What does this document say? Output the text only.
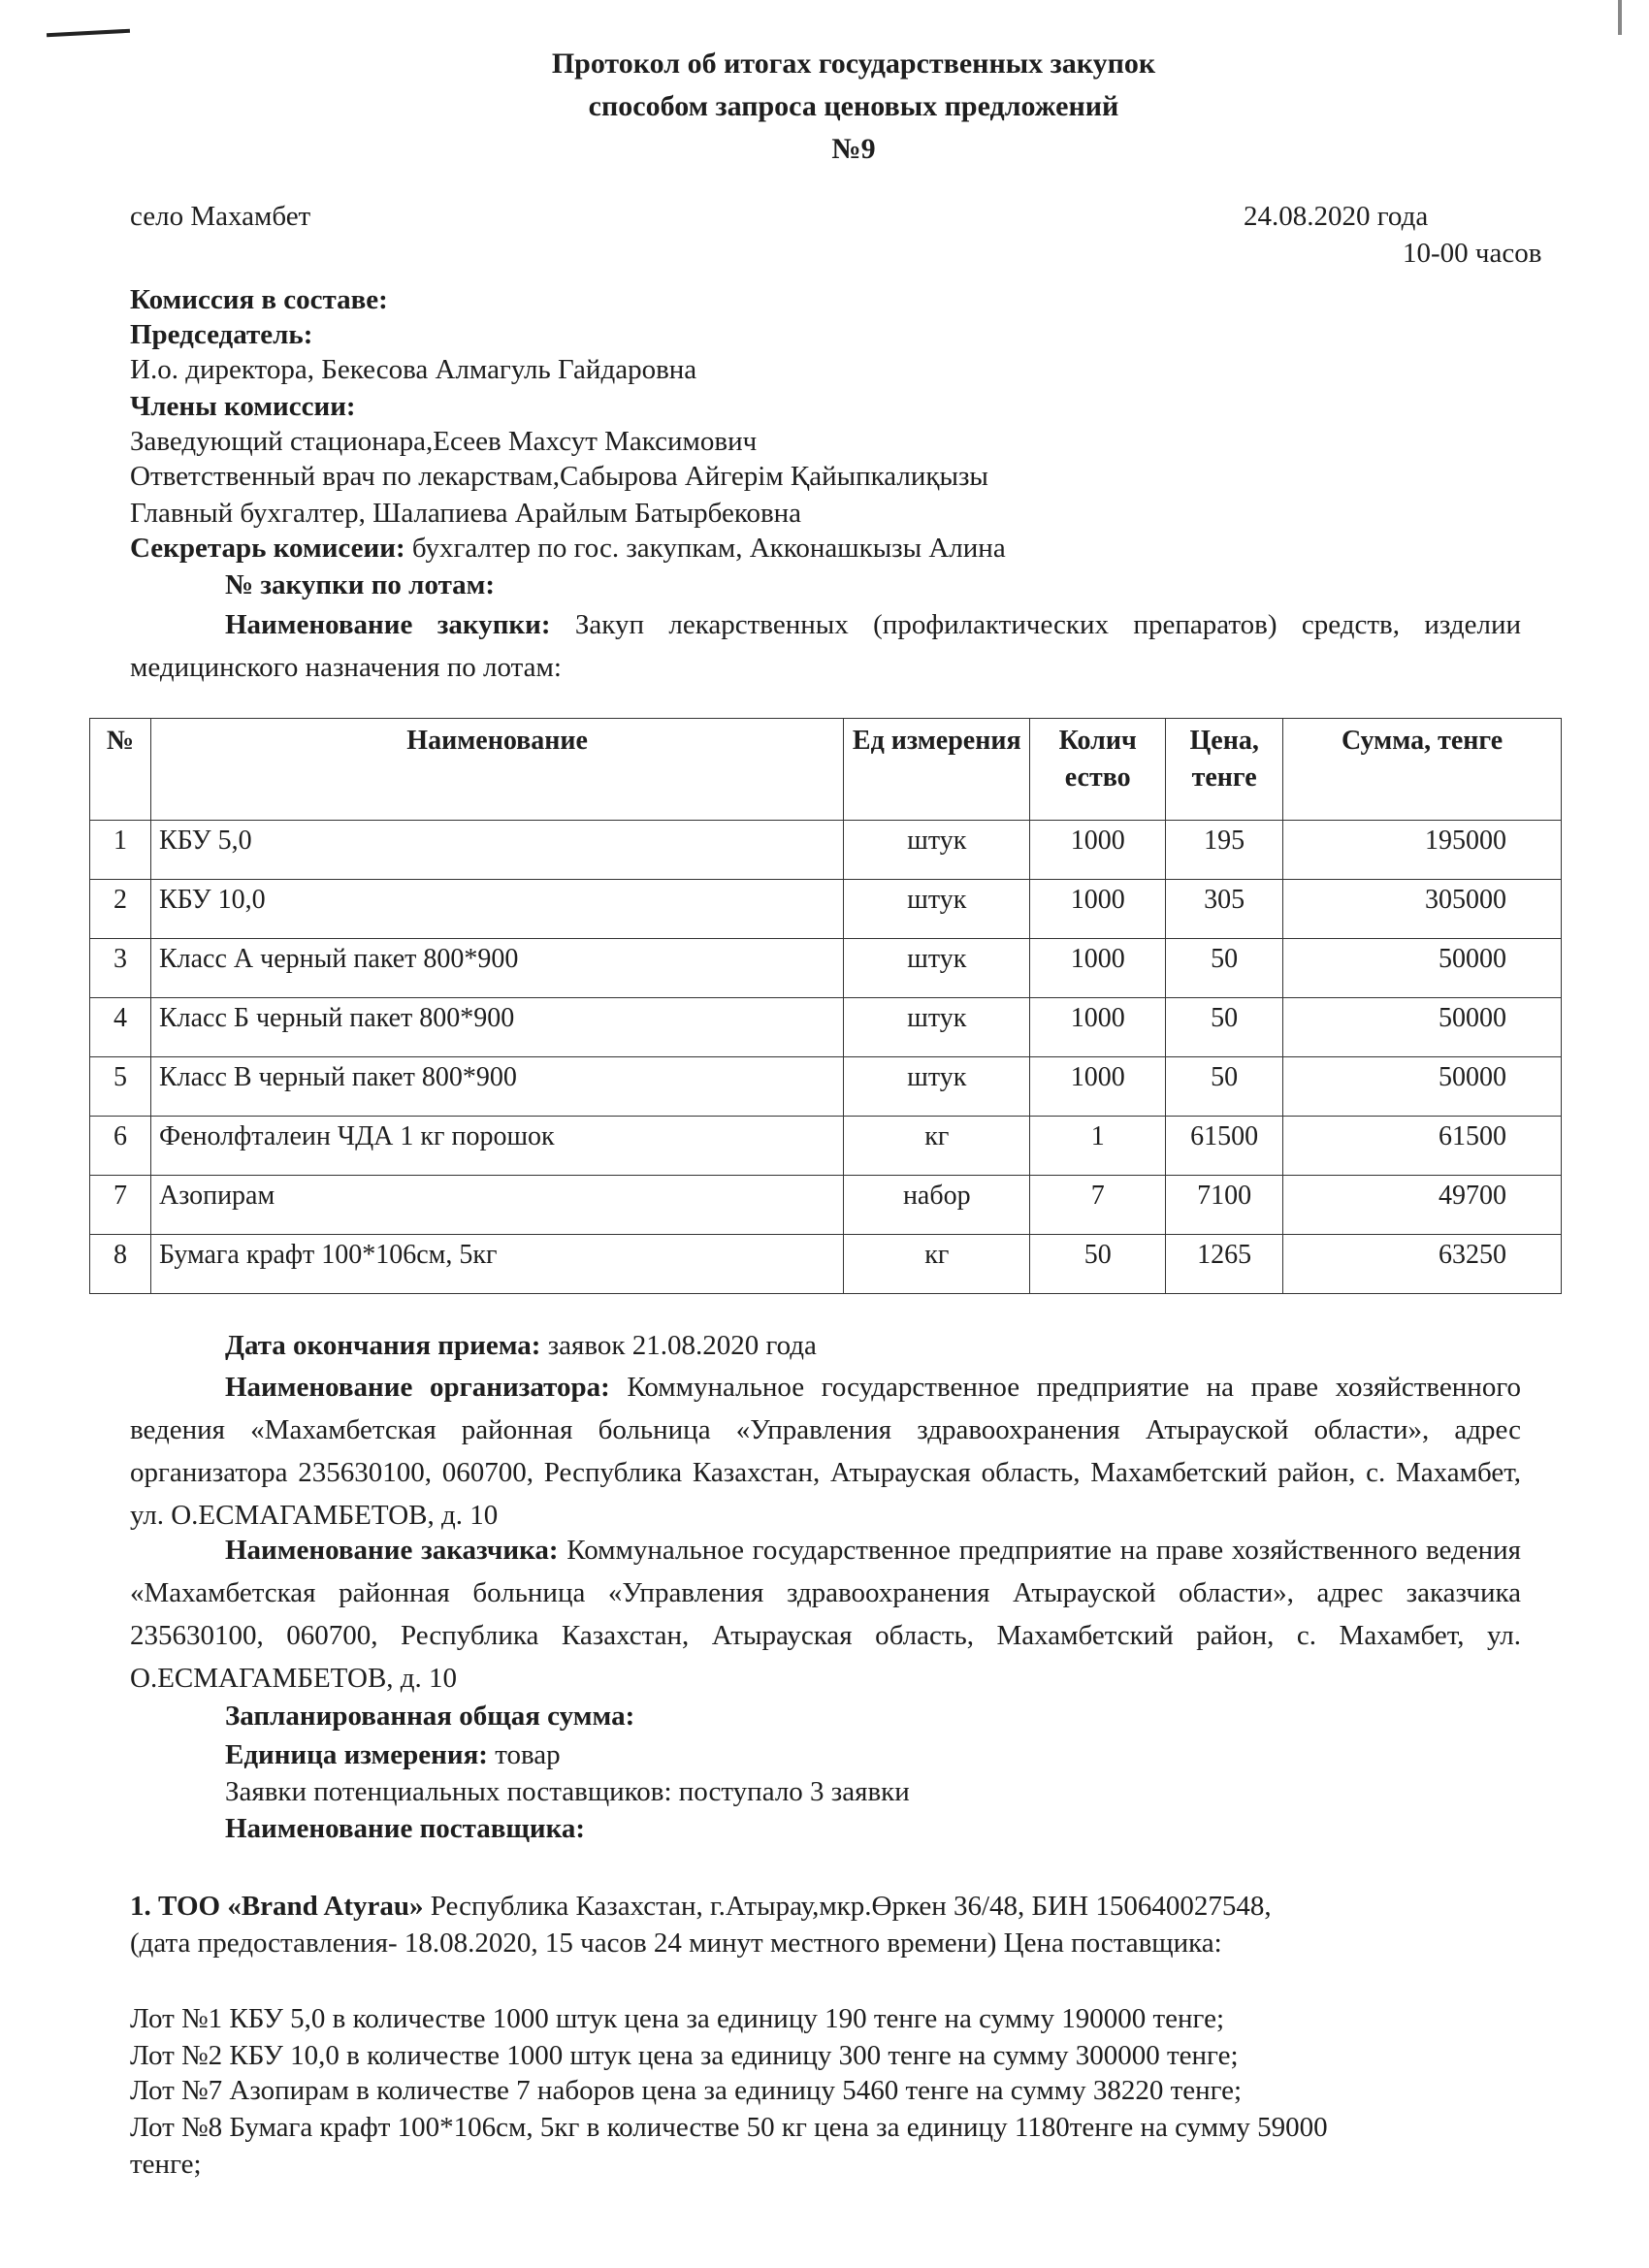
Протокол об итогах государственных закупок
способом запроса ценовых предложений
№9
село Махамбет	24.08.2020 года
10-00 часов
Комиссия в составе:
Председатель:
И.о. директора, Бекесова Алмагуль Гайдаровна
Члены комиссии:
Заведующий стационара,Есеев Махсут Максимович
Ответственный врач по лекарствам,Сабырова Айгерім Қайыпкалиқызы
Главный бухгалтер, Шалапиева Арайлым Батырбековна
Секретарь комисеии: бухгалтер по гос. закупкам, Акконашкызы Алина
№ закупки по лотам:
Наименование закупки: Закуп лекарственных (профилактических препаратов) средств, изделии медицинского назначения по лотам:
№	Наименование	Ед измерения	Колич ество	Цена, тенге	Сумма, тенге
1	КБУ 5,0	штук	1000	195	195000
2	КБУ 10,0	штук	1000	305	305000
3	Класс А черный пакет 800*900	штук	1000	50	50000
4	Класс Б черный пакет 800*900	штук	1000	50	50000
5	Класс В черный пакет 800*900	штук	1000	50	50000
6	Фенолфталеин ЧДА 1 кг порошок	кг	1	61500	61500
7	Азопирам	набор	7	7100	49700
8	Бумага крафт 100*106см, 5кг	кг	50	1265	63250
Дата окончания приема: заявок 21.08.2020 года
Наименование организатора: Коммунальное государственное предприятие на праве хозяйственного ведения «Махамбетская районная больница «Управления здравоохранения Атырауской области», адрес организатора 235630100, 060700, Республика Казахстан, Атырауская область, Махамбетский район, с. Махамбет, ул. О.ЕСМАГАМБЕТОВ, д. 10
Наименование заказчика: Коммунальное государственное предприятие на праве хозяйственного ведения «Махамбетская районная больница «Управления здравоохранения Атырауской области», адрес заказчика 235630100, 060700, Республика Казахстан, Атырауская область, Махамбетский район, с. Махамбет, ул. О.ЕСМАГАМБЕТОВ, д. 10
Запланированная общая сумма:
Единица измерения: товар
Заявки потенциальных поставщиков: поступало 3 заявки
Наименование поставщика:
1. ТОО «Brand Atyrau» Республика Казахстан, г.Атырау,мкр.Өркен 36/48, БИН 150640027548,
(дата предоставления- 18.08.2020, 15 часов 24 минут местного времени) Цена поставщика:
Лот №1 КБУ 5,0 в количестве 1000 штук цена за единицу 190 тенге на сумму 190000 тенге;
Лот №2 КБУ 10,0 в количестве 1000 штук цена за единицу 300 тенге на сумму 300000 тенге;
Лот №7 Азопирам в количестве 7 наборов цена за единицу 5460 тенге на сумму 38220 тенге;
Лот №8 Бумага крафт 100*106см, 5кг в количестве 50 кг цена за единицу 1180тенге на сумму 59000
тенге;
